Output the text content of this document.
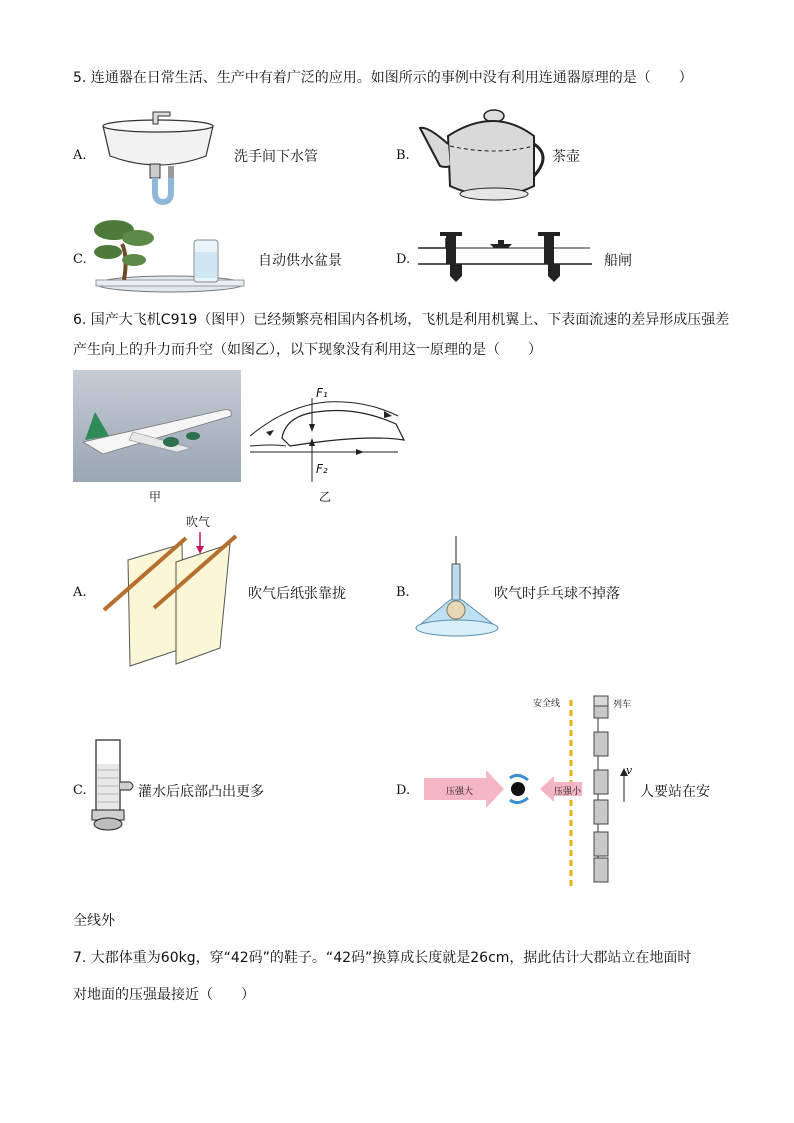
5. 连通器在日常生活、生产中有着广泛的应用。如图所示的事例中没有利用连通器原理的是（　　）
A.	洗手间下水管	B.	茶壶
C.	自动供水盆景	D.	船闸
6. 国产大飞机C919（图甲）已经频繁亮相国内各机场，飞机是利用机翼上、下表面流速的差异形成压强差
产生向上的升力而升空（如图乙），以下现象没有利用这一原理的是（　　）
甲
F₁
F₂
乙
A.
吹气
吹气后纸张靠拢	B.	吹气时乒乓球不掉落
C.	灌水后底部凸出更多	D.
安全线	列车
压强大	压强小
v
人要站在安
全线外
7. 大郡体重为60kg，穿“42码”的鞋子。“42码”换算成长度就是26cm，据此估计大郡站立在地面时
对地面的压强最接近（　　）
